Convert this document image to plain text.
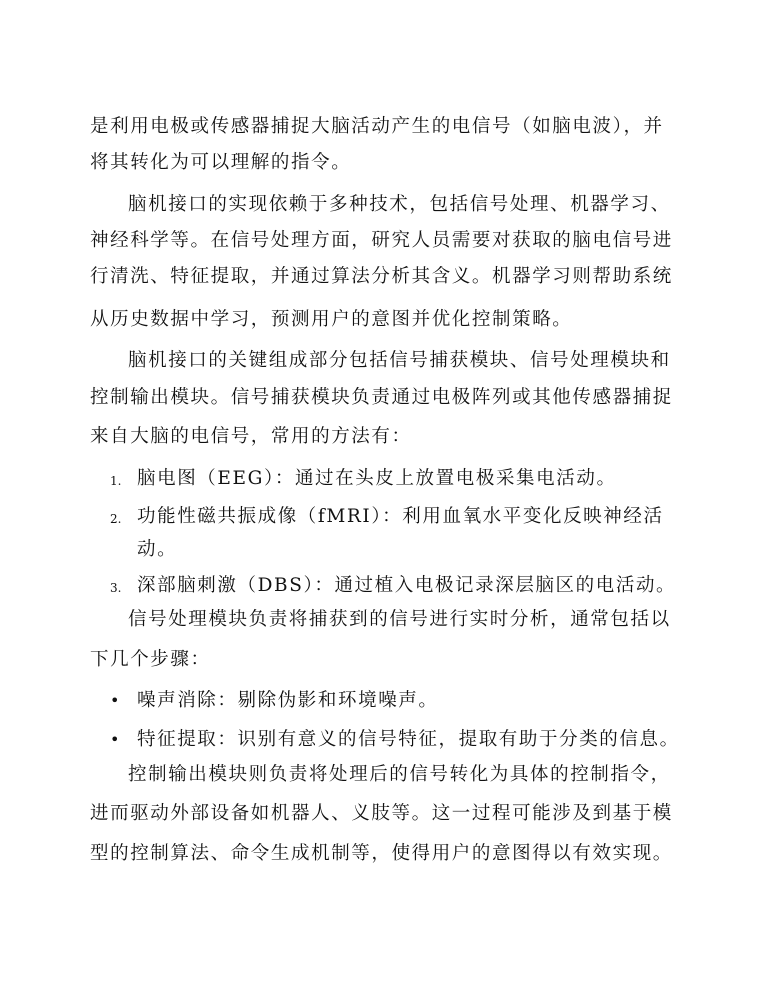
是利用电极或传感器捕捉大脑活动产生的电信号（如脑电波），并
将其转化为可以理解的指令。
脑机接口的实现依赖于多种技术，包括信号处理、机器学习、
神经科学等。在信号处理方面，研究人员需要对获取的脑电信号进
行清洗、特征提取，并通过算法分析其含义。机器学习则帮助系统
从历史数据中学习，预测用户的意图并优化控制策略。
脑机接口的关键组成部分包括信号捕获模块、信号处理模块和
控制输出模块。信号捕获模块负责通过电极阵列或其他传感器捕捉
来自大脑的电信号，常用的方法有：
1. 脑电图（EEG）：通过在头皮上放置电极采集电活动。
2. 功能性磁共振成像（fMRI）：利用血氧水平变化反映神经活
动。
3. 深部脑刺激（DBS）：通过植入电极记录深层脑区的电活动。
信号处理模块负责将捕获到的信号进行实时分析，通常包括以
下几个步骤：
• 噪声消除：剔除伪影和环境噪声。
• 特征提取：识别有意义的信号特征，提取有助于分类的信息。
控制输出模块则负责将处理后的信号转化为具体的控制指令，
进而驱动外部设备如机器人、义肢等。这一过程可能涉及到基于模
型的控制算法、命令生成机制等，使得用户的意图得以有效实现。
